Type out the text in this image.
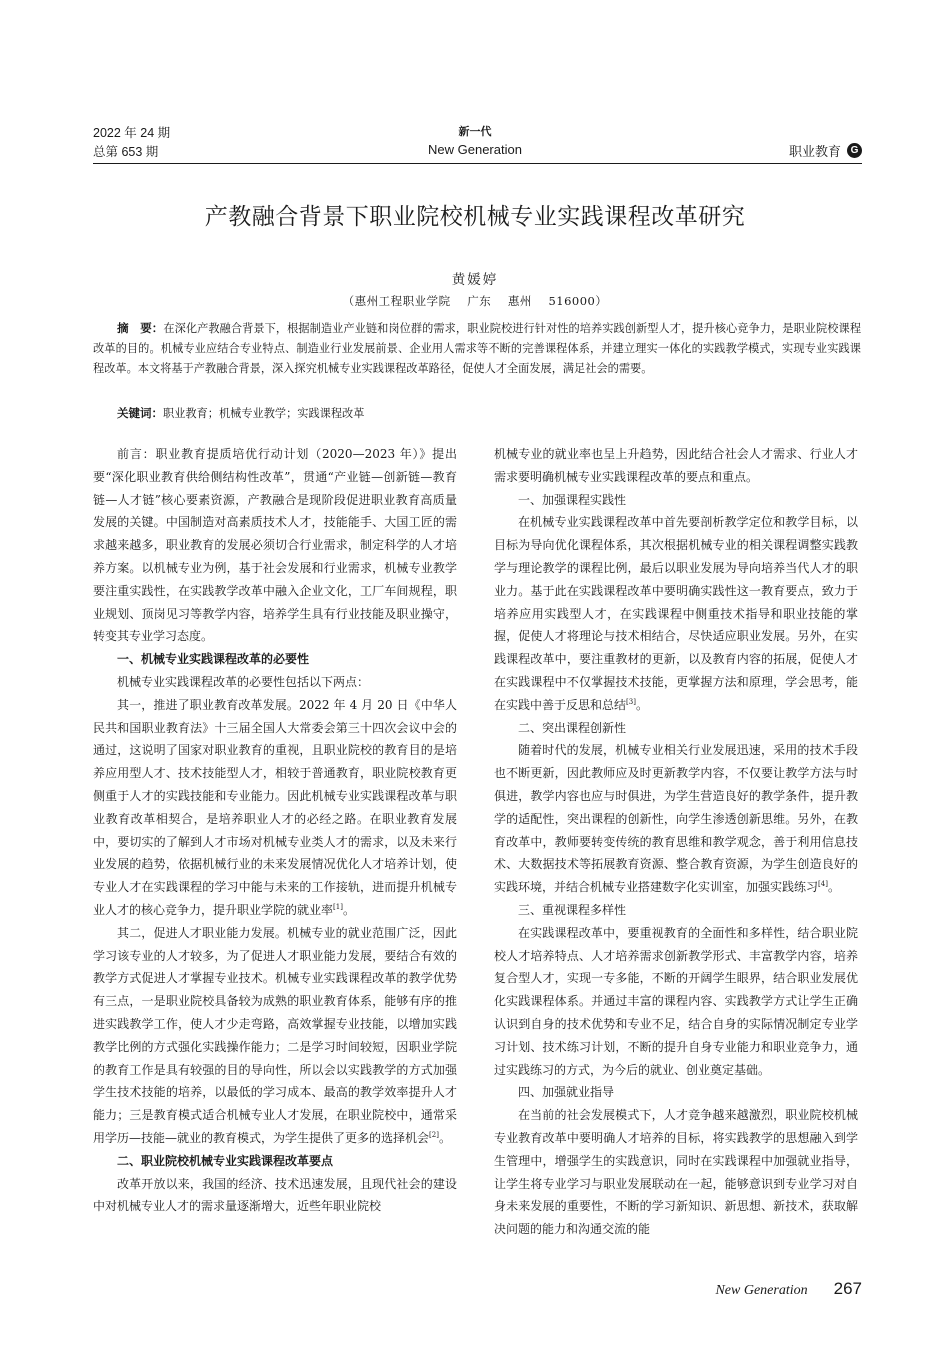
2022 年 24 期
总第 653 期
新一代
New Generation	职业教育 G
产教融合背景下职业院校机械专业实践课程改革研究
黄媛婷
（惠州工程职业学院    广东    惠州    516000）
摘　要：在深化产教融合背景下，根据制造业产业链和岗位群的需求，职业院校进行针对性的培养实践创新型人才，提升核心竞争力，是职业院校课程改革的目的。机械专业应结合专业特点、制造业行业发展前景、企业用人需求等不断的完善课程体系，并建立理实一体化的实践教学模式，实现专业实践课程改革。本文将基于产教融合背景，深入探究机械专业实践课程改革路径，促使人才全面发展，满足社会的需要。
关键词：职业教育；机械专业教学；实践课程改革

前言：职业教育提质培优行动计划（2020—2023 年）》提出要“深化职业教育供给侧结构性改革”，贯通“产业链—创新链—教育链—人才链”核心要素资源，产教融合是现阶段促进职业教育高质量发展的关键。中国制造对高素质技术人才，技能能手、大国工匠的需求越来越多，职业教育的发展必须切合行业需求，制定科学的人才培养方案。以机械专业为例，基于社会发展和行业需求，机械专业教学要注重实践性，在实践教学改革中融入企业文化，工厂车间规程，职业规划、顶岗见习等教学内容，培养学生具有行业技能及职业操守，转变其专业学习态度。

一、机械专业实践课程改革的必要性

机械专业实践课程改革的必要性包括以下两点：

其一，推进了职业教育改革发展。2022 年 4 月 20 日《中华人民共和国职业教育法》十三届全国人大常委会第三十四次会议中会的通过，这说明了国家对职业教育的重视，且职业院校的教育目的是培养应用型人才、技术技能型人才，相较于普通教育，职业院校教育更侧重于人才的实践技能和专业能力。因此机械专业实践课程改革与职业教育改革相契合，是培养职业人才的必经之路。在职业教育发展中，要切实的了解到人才市场对机械专业类人才的需求，以及未来行业发展的趋势，依据机械行业的未来发展情况优化人才培养计划，使专业人才在实践课程的学习中能与未来的工作接轨，进而提升机械专业人才的核心竞争力，提升职业学院的就业率[1]。

其二，促进人才职业能力发展。机械专业的就业范围广泛，因此学习该专业的人才较多，为了促进人才职业能力发展，要结合有效的教学方式促进人才掌握专业技术。机械专业实践课程改革的教学优势有三点，一是职业院校具备较为成熟的职业教育体系，能够有序的推进实践教学工作，使人才少走弯路，高效掌握专业技能，以增加实践教学比例的方式强化实践操作能力；二是学习时间较短，因职业学院的教育工作是具有较强的目的导向性，所以会以实践教学的方式加强学生技术技能的培养，以最低的学习成本、最高的教学效率提升人才能力；三是教育模式适合机械专业人才发展，在职业院校中，通常采用学历—技能—就业的教育模式，为学生提供了更多的选择机会[2]。

二、职业院校机械专业实践课程改革要点

改革开放以来，我国的经济、技术迅速发展，且现代社会的建设中对机械专业人才的需求量逐渐增大，近些年职业院校

机械专业的就业率也呈上升趋势，因此结合社会人才需求、行业人才需求要明确机械专业实践课程改革的要点和重点。

一、加强课程实践性

在机械专业实践课程改革中首先要剖析教学定位和教学目标，以目标为导向优化课程体系，其次根据机械专业的相关课程调整实践教学与理论教学的课程比例，最后以职业发展为导向培养当代人才的职业力。基于此在实践课程改革中要明确实践性这一教育要点，致力于培养应用实践型人才，在实践课程中侧重技术指导和职业技能的掌握，促使人才将理论与技术相结合，尽快适应职业发展。另外，在实践课程改革中，要注重教材的更新，以及教育内容的拓展，促使人才在实践课程中不仅掌握技术技能，更掌握方法和原理，学会思考，能在实践中善于反思和总结[3]。

二、突出课程创新性

随着时代的发展，机械专业相关行业发展迅速，采用的技术手段也不断更新，因此教师应及时更新教学内容，不仅要让教学方法与时俱进，教学内容也应与时俱进，为学生营造良好的教学条件，提升教学的适配性，突出课程的创新性，向学生渗透创新思维。另外，在教育改革中，教师要转变传统的教育思维和教学观念，善于利用信息技术、大数据技术等拓展教育资源、整合教育资源，为学生创造良好的实践环境，并结合机械专业搭建数字化实训室，加强实践练习[4]。

三、重视课程多样性

在实践课程改革中，要重视教育的全面性和多样性，结合职业院校人才培养特点、人才培养需求创新教学形式、丰富教学内容，培养复合型人才，实现一专多能，不断的开阔学生眼界，结合职业发展优化实践课程体系。并通过丰富的课程内容、实践教学方式让学生正确认识到自身的技术优势和专业不足，结合自身的实际情况制定专业学习计划、技术练习计划，不断的提升自身专业能力和职业竞争力，通过实践练习的方式，为今后的就业、创业奠定基础。

四、加强就业指导

在当前的社会发展模式下，人才竞争越来越激烈，职业院校机械专业教育改革中要明确人才培养的目标，将实践教学的思想融入到学生管理中，增强学生的实践意识，同时在实践课程中加强就业指导，让学生将专业学习与职业发展联动在一起，能够意识到专业学习对自身未来发展的重要性，不断的学习新知识、新思想、新技术，获取解决问题的能力和沟通交流的能

New Generation 267
